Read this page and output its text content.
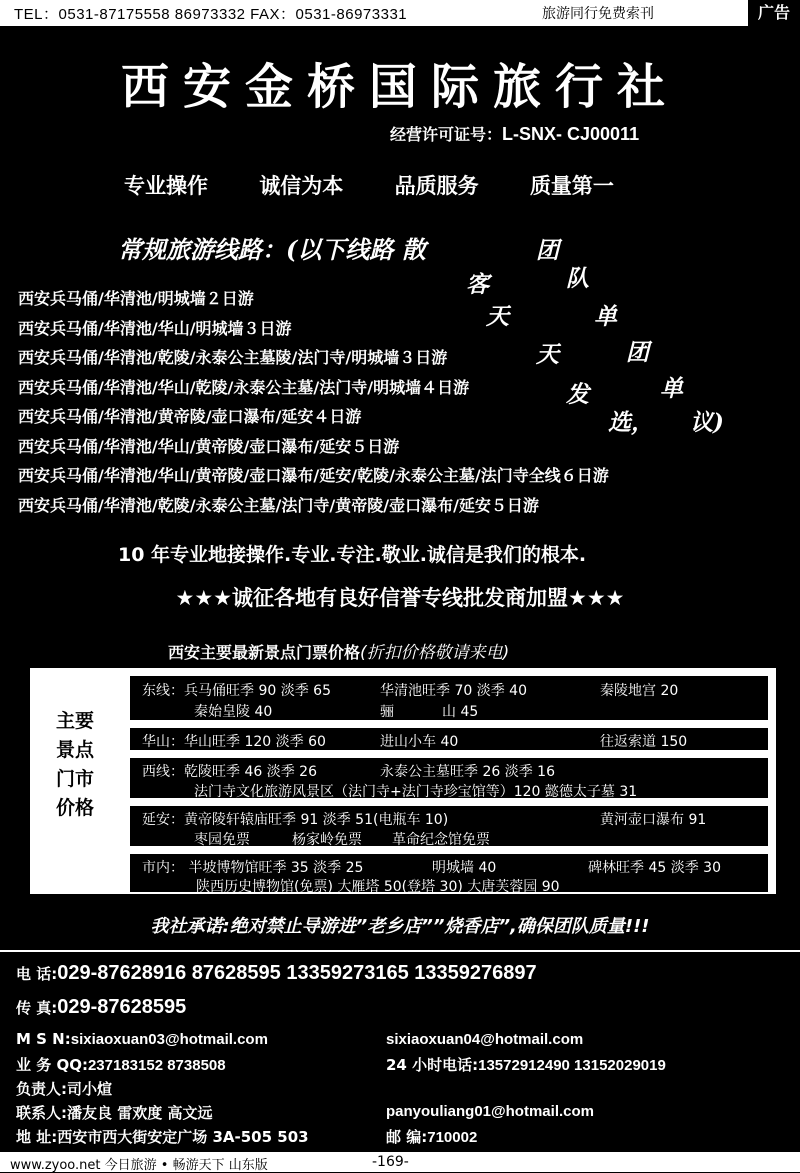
TEL：0531-87175558 86973332 FAX：0531-86973331	旅游同行免费索刊	广告
西安金桥国际旅行社
经营许可证号：L-SNX- CJ00011
专业操作 诚信为本 品质服务 质量第一
常规旅游线路：(以下线路 散	团
客	队
天	单
天	团
发	单
选， 议)
西安兵马俑/华清池/明城墙２日游
西安兵马俑/华清池/华山/明城墙３日游
西安兵马俑/华清池/乾陵/永泰公主墓陵/法门寺/明城墙３日游
西安兵马俑/华清池/华山/乾陵/永泰公主墓/法门寺/明城墙４日游
西安兵马俑/华清池/黄帝陵/壶口瀑布/延安４日游
西安兵马俑/华清池/华山/黄帝陵/壶口瀑布/延安５日游
西安兵马俑/华清池/华山/黄帝陵/壶口瀑布/延安/乾陵/永泰公主墓/法门寺全线６日游
西安兵马俑/华清池/乾陵/永泰公主墓/法门寺/黄帝陵/壶口瀑布/延安５日游
10 年专业地接操作.专业.专注.敬业.诚信是我们的根本.
★★★诚征各地有良好信誉专线批发商加盟★★★
西安主要最新景点门票价格(折扣价格敬请来电)
主要
景点
门市
价格
东线：兵马俑旺季 90 淡季 65	华清池旺季 70 淡季 40	秦陵地宫 20
秦始皇陵 40	骊	山 45
华山：华山旺季 120 淡季 60	进山小车 40	往返索道 150
西线：乾陵旺季 46 淡季 26	永泰公主墓旺季 26 淡季 16
法门寺文化旅游风景区（法门寺+法门寺珍宝馆等）120 懿德太子墓 31
延安：黄帝陵轩辕庙旺季 91 淡季 51(电瓶车 10)	黄河壶口瀑布 91
枣园免票	杨家岭免票 革命纪念馆免票
市内： 半坡博物馆旺季 35 淡季 25	明城墙 40	碑林旺季 45 淡季 30
陕西历史博物馆(免票) 大雁塔 50(登塔 30) 大唐芙蓉园 90
我社承诺:绝对禁止导游进”老乡店””烧香店”,确保团队质量!!!
电 话:029-87628916 87628595 13359273165 13359276897
传 真:029-87628595
M S N:sixiaoxuan03@hotmail.com	sixiaoxuan04@hotmail.com
业 务 QQ:237183152 8738508	24 小时电话:13572912490 13152029019
负责人:司小煊
联系人:潘友良 雷欢度 高文远	panyouliang01@hotmail.com
地 址:西安市西大街安定广场 3A-505 503	邮 编:710002
www.zyoo.net 今日旅游 • 畅游天下 山东版	-169-
